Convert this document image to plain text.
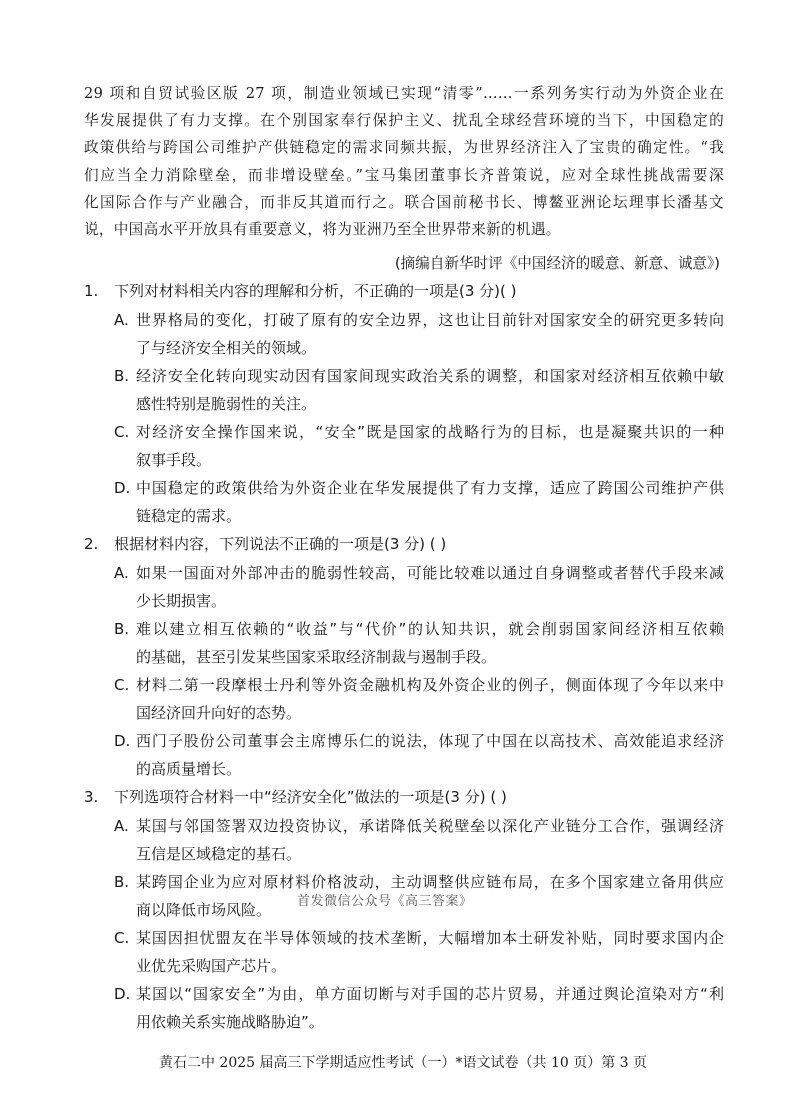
29 项和自贸试验区版 27 项，制造业领域已实现“清零”……一系列务实行动为外资企业在
华发展提供了有力支撑。在个别国家奉行保护主义、扰乱全球经营环境的当下，中国稳定的
政策供给与跨国公司维护产供链稳定的需求同频共振，为世界经济注入了宝贵的确定性。“我
们应当全力消除壁垒，而非增设壁垒。”宝马集团董事长齐普策说，应对全球性挑战需要深
化国际合作与产业融合，而非反其道而行之。联合国前秘书长、博鳌亚洲论坛理事长潘基文
说，中国高水平开放具有重要意义，将为亚洲乃至全世界带来新的机遇。
(摘编自新华时评《中国经济的暖意、新意、诚意》)
1.	下列对材料相关内容的理解和分析，不正确的一项是(3 分)( )
A. 世界格局的变化，打破了原有的安全边界，这也让目前针对国家安全的研究更多转向
了与经济安全相关的领域。
B. 经济安全化转向现实动因有国家间现实政治关系的调整，和国家对经济相互依赖中敏
感性特别是脆弱性的关注。
C. 对经济安全操作国来说，“安全”既是国家的战略行为的目标，也是凝聚共识的一种
叙事手段。
D. 中国稳定的政策供给为外资企业在华发展提供了有力支撑，适应了跨国公司维护产供
链稳定的需求。
2.	根据材料内容，下列说法不正确的一项是(3 分) ( )
A. 如果一国面对外部冲击的脆弱性较高，可能比较难以通过自身调整或者替代手段来减
少长期损害。
B. 难以建立相互依赖的“收益”与“代价”的认知共识，就会削弱国家间经济相互依赖
的基础，甚至引发某些国家采取经济制裁与遏制手段。
C. 材料二第一段摩根士丹利等外资金融机构及外资企业的例子，侧面体现了今年以来中
国经济回升向好的态势。
D. 西门子股份公司董事会主席博乐仁的说法，体现了中国在以高技术、高效能追求经济
的高质量增长。
3.	下列选项符合材料一中“经济安全化”做法的一项是(3 分) ( )
A. 某国与邻国签署双边投资协议，承诺降低关税壁垒以深化产业链分工合作，强调经济
互信是区域稳定的基石。
B. 某跨国企业为应对原材料价格波动，主动调整供应链布局，在多个国家建立备用供应
商以降低市场风险。
C. 某国因担忧盟友在半导体领域的技术垄断，大幅增加本土研发补贴，同时要求国内企
业优先采购国产芯片。
D. 某国以“国家安全”为由，单方面切断与对手国的芯片贸易，并通过舆论渲染对方“利
用依赖关系实施战略胁迫”。
首发微信公众号《高三答案》
黄石二中 2025 届高三下学期适应性考试（一）*语文试卷（共 10 页）第 3 页
